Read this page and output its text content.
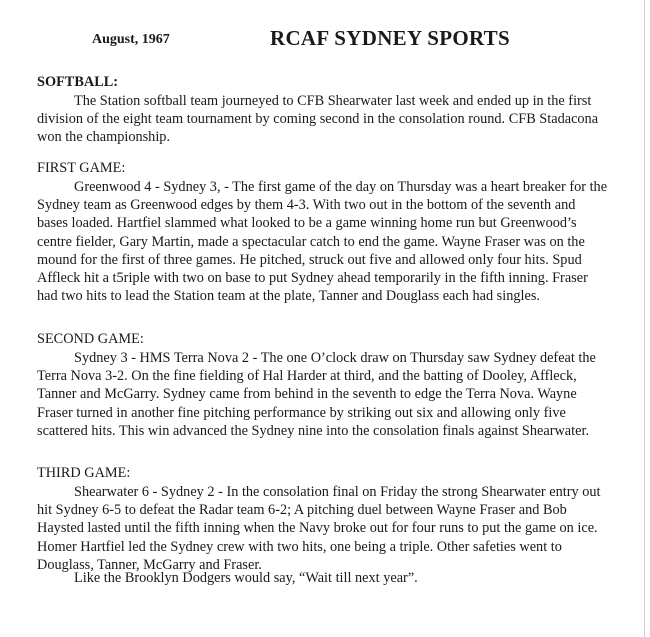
August, 1967	RCAF SYDNEY SPORTS
SOFTBALL:
The Station softball team journeyed to CFB Shearwater last week and ended up in the first division of the eight team tournament by coming second in the consolation round. CFB Stadacona won the championship.
FIRST GAME:
Greenwood 4 - Sydney 3, - The first game of the day on Thursday was a heart breaker for the Sydney team as Greenwood edges by them 4-3. With two out in the bottom of the seventh and bases loaded. Hartfiel slammed what looked to be a game winning home run but Greenwood’s centre fielder, Gary Martin, made a spectacular catch to end the game. Wayne Fraser was on the mound for the first of three games. He pitched, struck out five and allowed only four hits. Spud Affleck hit a t5riple with two on base to put Sydney ahead temporarily in the fifth inning. Fraser had two hits to lead the Station team at the plate, Tanner and Douglass each had singles.
SECOND GAME:
Sydney 3 - HMS Terra Nova 2 - The one O’clock draw on Thursday saw Sydney defeat the Terra Nova 3-2. On the fine fielding of Hal Harder at third, and the batting of Dooley, Affleck, Tanner and McGarry. Sydney came from behind in the seventh to edge the Terra Nova. Wayne Fraser turned in another fine pitching performance by striking out six and allowing only five scattered hits. This win advanced the Sydney nine into the consolation finals against Shearwater.
THIRD GAME:
Shearwater 6 - Sydney 2 - In the consolation final on Friday the strong Shearwater entry out hit Sydney 6-5 to defeat the Radar team 6-2; A pitching duel between Wayne Fraser and Bob Haysted lasted until the fifth inning when the Navy broke out for four runs to put the game on ice. Homer Hartfiel led the Sydney crew with two hits, one being a triple. Other safeties went to Douglass, Tanner, McGarry and Fraser.
Like the Brooklyn Dodgers would say, “Wait till next year”.
